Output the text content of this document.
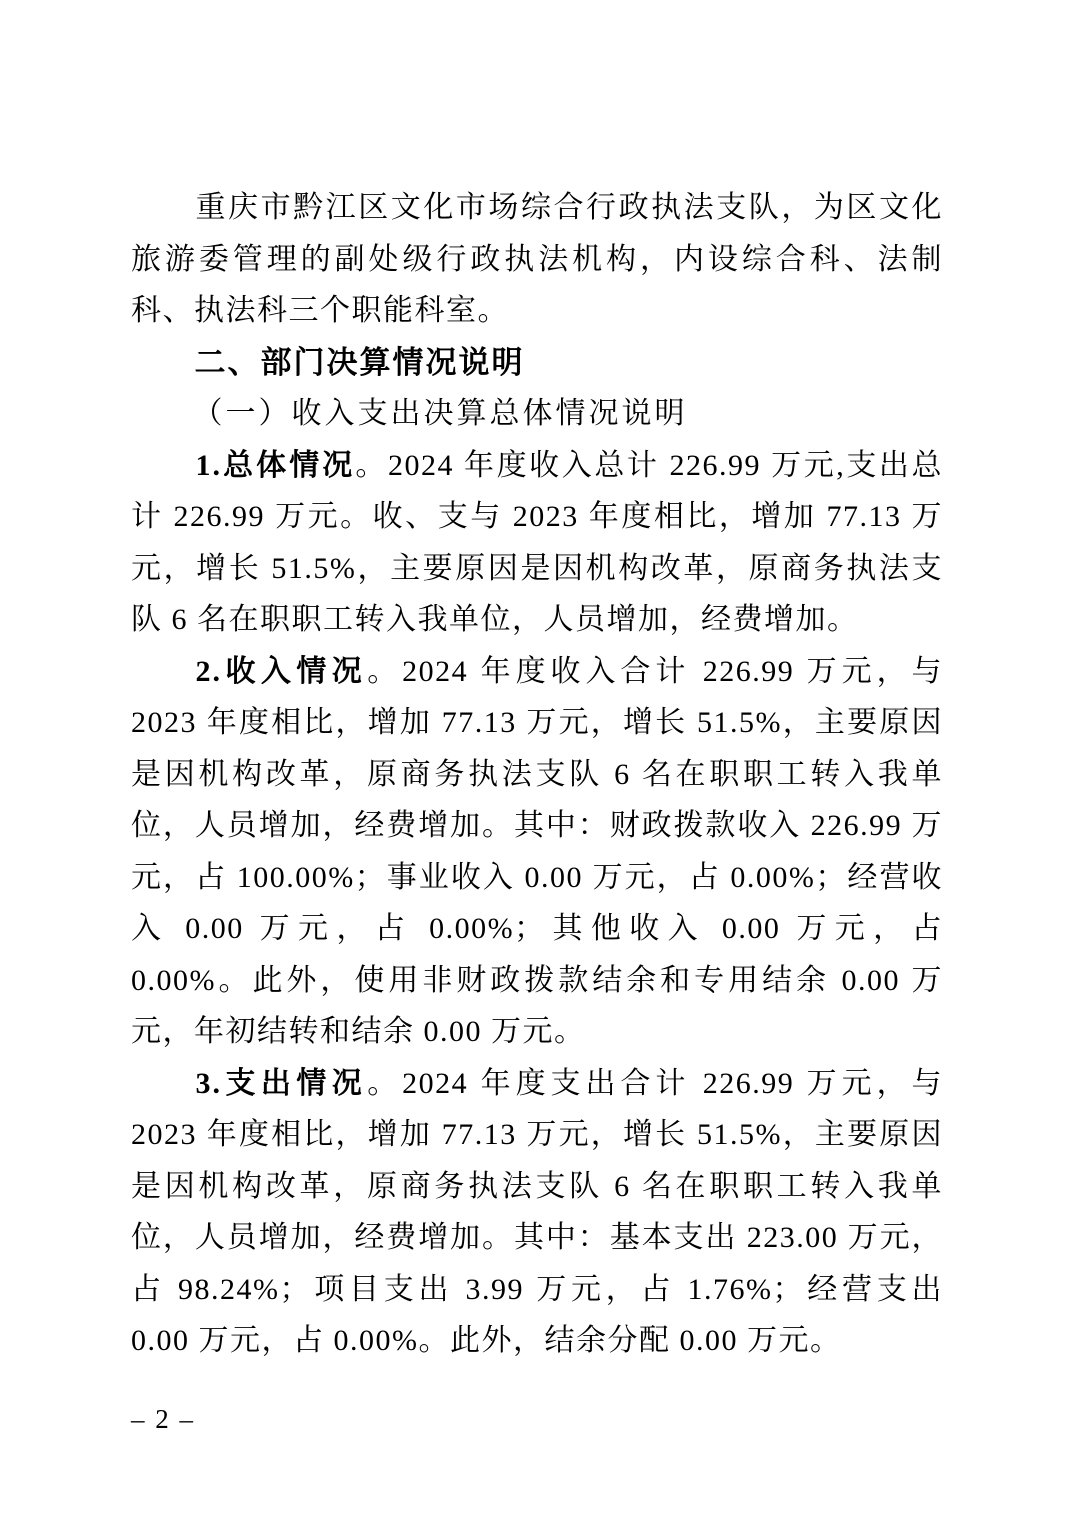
重庆市黔江区文化市场综合行政执法支队，为区文化旅游委管理的副处级行政执法机构，内设综合科、法制科、执法科三个职能科室。

二、部门决算情况说明
（一）收入支出决算总体情况说明

1.总体情况。2024 年度收入总计 226.99 万元,支出总计 226.99 万元。收、支与 2023 年度相比，增加 77.13 万元，增长 51.5%，主要原因是因机构改革，原商务执法支队 6 名在职职工转入我单位，人员增加，经费增加。

2.收入情况。2024 年度收入合计 226.99 万元，与 2023 年度相比，增加 77.13 万元，增长 51.5%，主要原因是因机构改革，原商务执法支队 6 名在职职工转入我单位，人员增加，经费增加。其中：财政拨款收入 226.99 万元，占 100.00%；事业收入 0.00 万元，占 0.00%；经营收入 0.00 万元，占 0.00%；其他收入 0.00 万元，占 0.00%。此外，使用非财政拨款结余和专用结余 0.00 万元，年初结转和结余 0.00 万元。

3.支出情况。2024 年度支出合计 226.99 万元，与 2023 年度相比，增加 77.13 万元，增长 51.5%，主要原因是因机构改革，原商务执法支队 6 名在职职工转入我单位，人员增加，经费增加。其中：基本支出 223.00 万元，占 98.24%；项目支出 3.99 万元，占 1.76%；经营支出 0.00 万元，占 0.00%。此外，结余分配 0.00 万元。

– 2 –
